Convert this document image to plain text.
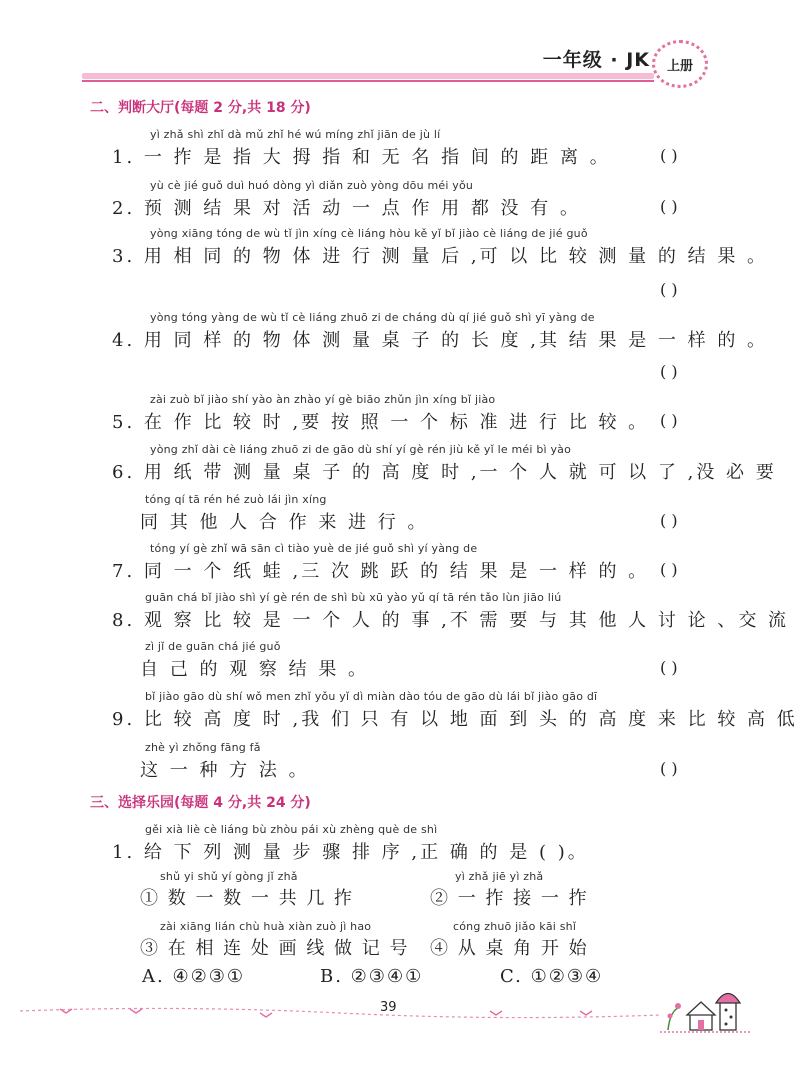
一年级 · JK	上册
二、判断大厅(每题 2 分,共 18 分)
yì zhǎ shì zhǐ dà mǔ zhǐ hé wú míng zhǐ jiān de jù lí
1. 一 拃 是 指 大 拇 指 和 无 名 指 间 的 距 离 。	( )
yù cè jié guǒ duì huó dòng yì diǎn zuò yòng dōu méi yǒu
2. 预 测 结 果 对 活 动 一 点 作 用 都 没 有 。	( )
yòng xiāng tóng de wù tǐ jìn xíng cè liáng hòu kě yǐ bǐ jiào cè liáng de jié guǒ
3. 用 相 同 的 物 体 进 行 测 量 后 ,可 以 比 较 测 量 的 结 果 。
( )
yòng tóng yàng de wù tǐ cè liáng zhuō zi de cháng dù qí jié guǒ shì yī yàng de
4. 用 同 样 的 物 体 测 量 桌 子 的 长 度 ,其 结 果 是 一 样 的 。
( )
zài zuò bǐ jiào shí yào àn zhào yí gè biāo zhǔn jìn xíng bǐ jiào
5. 在 作 比 较 时 ,要 按 照 一 个 标 准 进 行 比 较 。 ( )
yòng zhǐ dài cè liáng zhuō zi de gāo dù shí yí gè rén jiù kě yǐ le méi bì yào
6. 用 纸 带 测 量 桌 子 的 高 度 时 ,一 个 人 就 可 以 了 ,没 必 要
tóng qí tā rén hé zuò lái jìn xíng
同 其 他 人 合 作 来 进 行 。	( )
tóng yí gè zhǐ wā sān cì tiào yuè de jié guǒ shì yí yàng de
7. 同 一 个 纸 蛙 ,三 次 跳 跃 的 结 果 是 一 样 的 。 ( )
guān chá bǐ jiào shì yí gè rén de shì bù xū yào yǔ qí tā rén tǎo lùn jiāo liú
8. 观 察 比 较 是 一 个 人 的 事 ,不 需 要 与 其 他 人 讨 论 、交 流
zì jǐ de guān chá jié guǒ
自 己 的 观 察 结 果 。	( )
bǐ jiào gāo dù shí wǒ men zhǐ yǒu yǐ dì miàn dào tóu de gāo dù lái bǐ jiào gāo dī
9. 比 较 高 度 时 ,我 们 只 有 以 地 面 到 头 的 高 度 来 比 较 高 低
zhè yì zhǒng fāng fǎ
这 一 种 方 法 。	( )
三、选择乐园(每题 4 分,共 24 分)
gěi xià liè cè liáng bù zhòu pái xù zhèng què de shì
1. 给 下 列 测 量 步 骤 排 序 ,正 确 的 是 ( )。
shǔ yi shǔ yí gòng jǐ zhǎ
① 数 一 数 一 共 几 拃
yì zhǎ jiē yì zhǎ
② 一 拃 接 一 拃
zài xiāng lián chù huà xiàn zuò jì hao
③ 在 相 连 处 画 线 做 记 号
cóng zhuō jiǎo kāi shǐ
④ 从 桌 角 开 始
A. ④②③①	B. ②③④①	C. ①②③④
39
